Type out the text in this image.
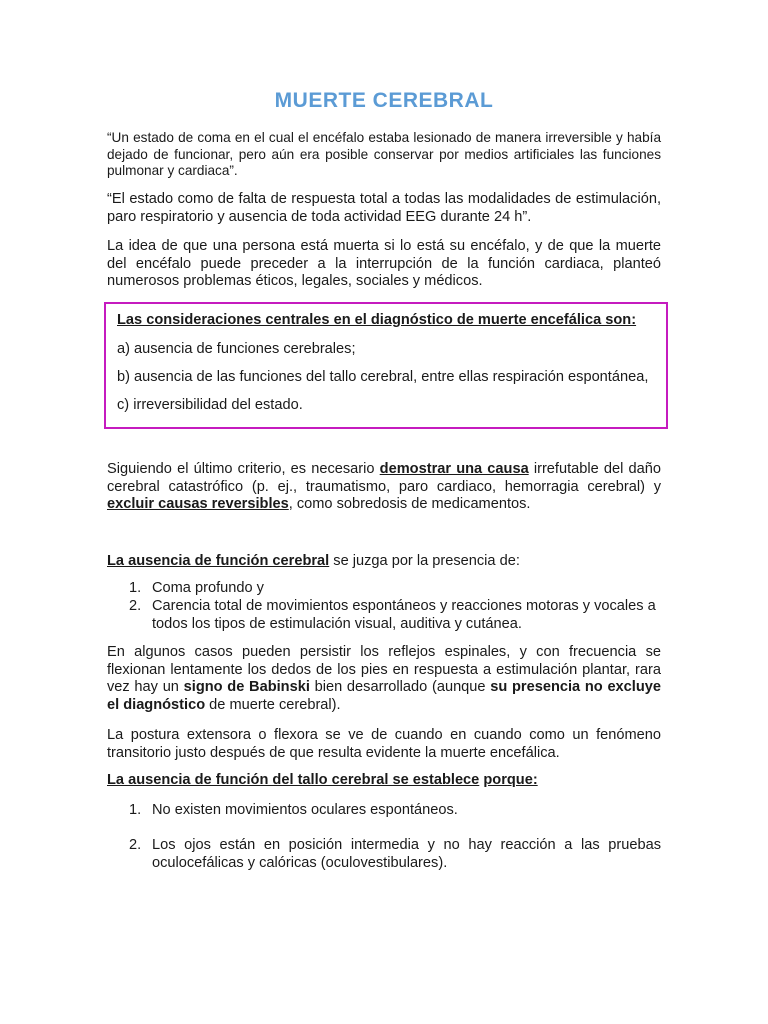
MUERTE CEREBRAL

“Un estado de coma en el cual el encéfalo estaba lesionado de manera irreversible y había dejado de funcionar, pero aún era posible conservar por medios artificiales las funciones pulmonar y cardiaca”.

“El estado como de falta de respuesta total a todas las modalidades de estimulación, paro respiratorio y ausencia de toda actividad EEG durante 24 h”.

La idea de que una persona está muerta si lo está su encéfalo, y de que la muerte del encéfalo puede preceder a la interrupción de la función cardiaca, planteó numerosos problemas éticos, legales, sociales y médicos.

Las consideraciones centrales en el diagnóstico de muerte encefálica son:

a) ausencia de funciones cerebrales;

b) ausencia de las funciones del tallo cerebral, entre ellas respiración espontánea,

c) irreversibilidad del estado.

Siguiendo el último criterio, es necesario demostrar una causa irrefutable del daño cerebral catastrófico (p. ej., traumatismo, paro cardiaco, hemorragia cerebral) y excluir causas reversibles, como sobredosis de medicamentos.

La ausencia de función cerebral se juzga por la presencia de:

1. Coma profundo y
2. Carencia total de movimientos espontáneos y reacciones motoras y vocales a todos los tipos de estimulación visual, auditiva y cutánea.

En algunos casos pueden persistir los reflejos espinales, y con frecuencia se flexionan lentamente los dedos de los pies en respuesta a estimulación plantar, rara vez hay un signo de Babinski bien desarrollado (aunque su presencia no excluye el diagnóstico de muerte cerebral).

La postura extensora o flexora se ve de cuando en cuando como un fenómeno transitorio justo después de que resulta evidente la muerte encefálica.

La ausencia de función del tallo cerebral se establece porque:

1. No existen movimientos oculares espontáneos.
2. Los ojos están en posición intermedia y no hay reacción a las pruebas oculocefálicas y calóricas (oculovestibulares).
